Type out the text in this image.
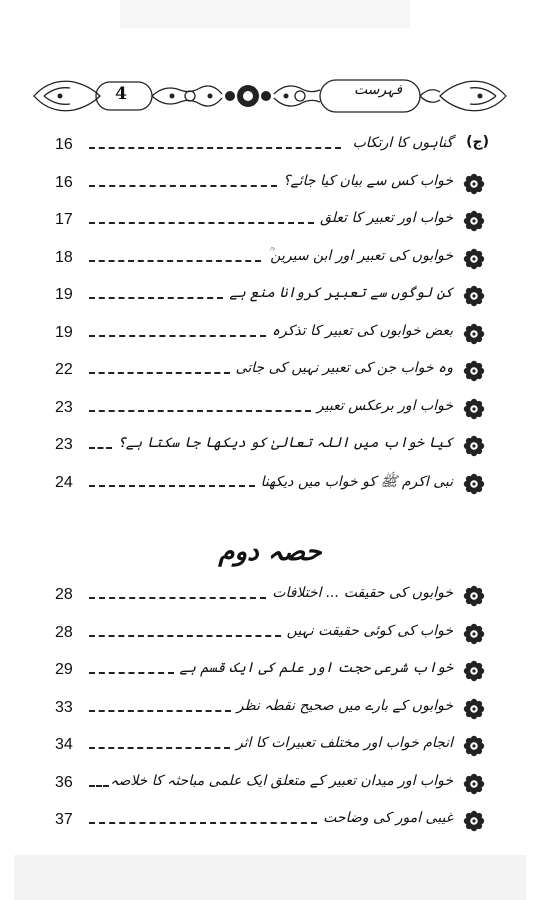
4	فہرست
16	گناہوں کا ارتکاب (ج)
16	خواب کس سے بیان کیا جائے؟
17	خواب اور تعبیر کا تعلق
18	خوابوں کی تعبیر اور ابن سیرین ؒ
19	کن لوگوں سے تعبیر کروانا منع ہے
19	بعض خوابوں کی تعبیر کا تذکرہ
22	وہ خواب جن کی تعبیر نہیں کی جاتی
23	خواب اور برعکس تعبیر
23	کیا خواب میں اللہ تعالیٰ کو دیکھا جا سکتا ہے؟
24	نبی اکرم ﷺ کو خواب میں دیکھنا
حصہ دوم
28	خوابوں کی حقیقت ... اختلافات
28	خواب کی کوئی حقیقت نہیں
29	خواب شرعی حجت اور علم کی ایک قسم ہے
33	خوابوں کے بارے میں صحیح نقطہ نظر
34	انجام خواب اور مختلف تعبیرات کا اثر
36	خواب اور میدان تعبیر کے متعلق ایک علمی مباحثہ کا خلاصہ
37	غیبی امور کی وضاحت
